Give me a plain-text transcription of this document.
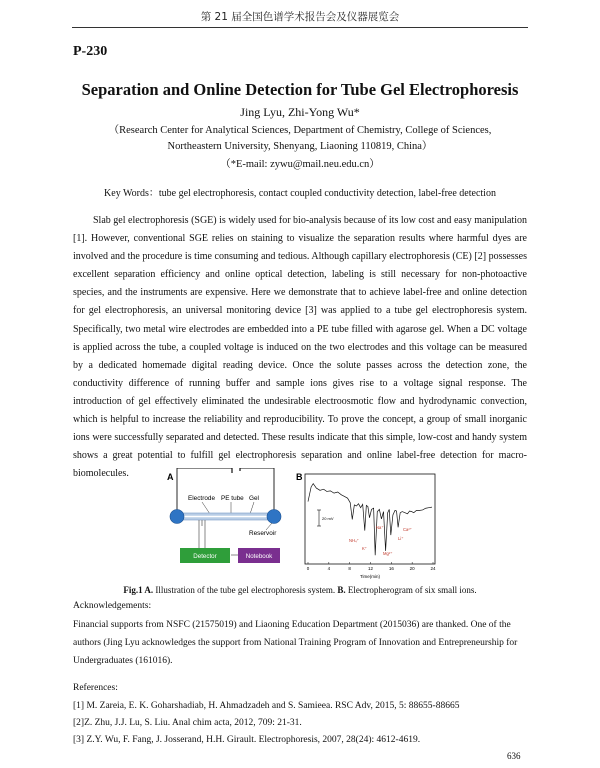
第 21 届全国色谱学术报告会及仪器展览会
P-230
Separation and Online Detection for Tube Gel Electrophoresis
Jing Lyu, Zhi-Yong Wu*
（Research Center for Analytical Sciences, Department of Chemistry, College of Sciences, Northeastern University, Shenyang, Liaoning 110819, China）
（*E-mail: zywu@mail.neu.edu.cn）
Key Words：tube gel electrophoresis, contact coupled conductivity detection, label-free detection

Slab gel electrophoresis (SGE) is widely used for bio-analysis because of its low cost and easy manipulation [1]. However, conventional SGE relies on staining to visualize the separation results where harmful dyes are involved and the procedure is time consuming and tedious. Although capillary electrophoresis (CE) [2] possesses excellent separation efficiency and online optical detection, labeling is still necessary for non-photoactive species, and the instruments are expensive. Here we demonstrate that to achieve label-free and online detection for gel electrophoresis, an universal monitoring device [3] was applied to a tube gel electrophoresis system. Specifically, two metal wire electrodes are embedded into a PE tube filled with agarose gel. When a DC voltage is applied across the tube, a coupled voltage is induced on the two electrodes and this voltage can be measured by a dedicated homemade digital reading device. Once the solute passes across the detection zone, the conductivity difference of running buffer and sample ions gives rise to a voltage signal response. The introduction of gel effectively eliminated the undesirable electroosmotic flow and hydrodynamic convection, which is helpful to increase the reliability and reproducibility. To prove the concept, a group of small inorganic ions were successfully separated and detected. These results indicate that this simple, low-cost and handy system shows a great potential to fulfill gel electrophoresis separation and online label-free detection for macro-biomolecules.	A
Electrode PE tube Gel
Reservoir
Detector	Notebook
B
0	4	8	12	16	20	24
Time(min)
20 mV
NH₄⁺
K⁺
Na⁺	Ca²⁺
Mg²⁺
Li⁺
Fig.1 A. Illustration of the tube gel electrophoresis system. B. Electropherogram of six small ions.
Acknowledgements:

Financial supports from NSFC (21575019) and Liaoning Education Department (2015036) are thanked. One of the authors (Jing Lyu acknowledges the support from National Training Program of Innovation and Entrepreneurship for Undergraduates (161016).

References:
[1] M. Zareia, E. K. Goharshadiab, H. Ahmadzadeh and S. Samieea. RSC Adv, 2015, 5: 88655-88665
[2]Z. Zhu, J.J. Lu, S. Liu. Anal chim acta, 2012, 709: 21-31.
[3] Z.Y. Wu, F. Fang, J. Josserand, H.H. Girault. Electrophoresis, 2007, 28(24): 4612-4619.
636
